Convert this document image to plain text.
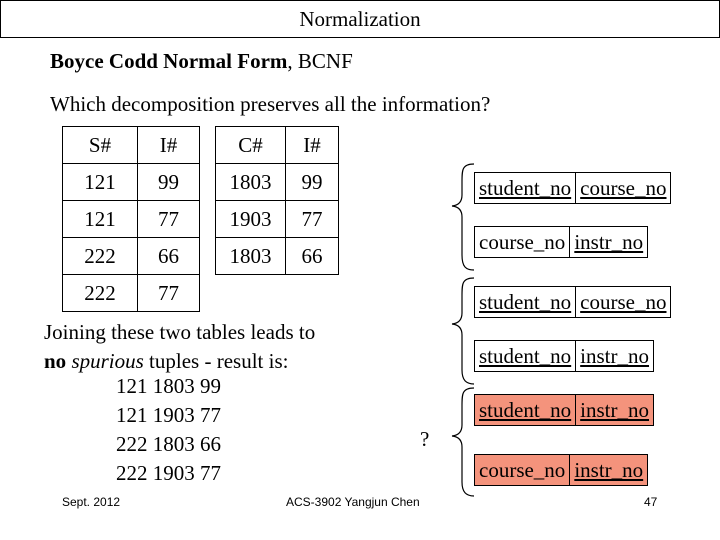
Normalization
Boyce Codd Normal Form, BCNF
Which decomposition preserves all the information?
S#	I#
121	99
121	77
222	66
222	77
C#	I#
1803	99
1903	77
1803	66
Joining these two tables leads to
no spurious tuples - result is:
121 1803 99
121 1903 77
222 1803 66
222 1903 77
student_no course_no
course_no instr_no
student_no course_no
student_no instr_no
student_no instr_no
course_no instr_no
?
Sept. 2012	ACS-3902 Yangjun Chen	47
